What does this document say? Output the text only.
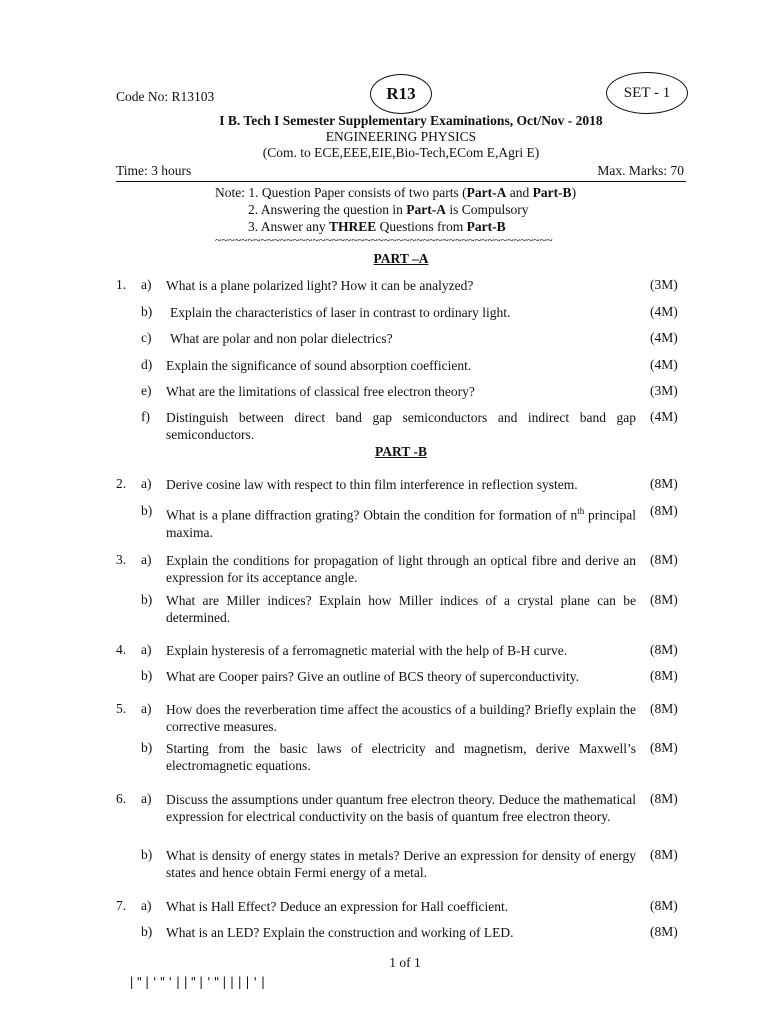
Code No: R13103	R13	SET - 1
I B. Tech I Semester Supplementary Examinations, Oct/Nov - 2018
ENGINEERING PHYSICS
(Com. to ECE,EEE,EIE,Bio-Tech,ECom E,Agri E)
Time: 3 hours	Max. Marks: 70
Note: 1. Question Paper consists of two parts (Part-A and Part-B)
2. Answering the question in Part-A is Compulsory
3. Answer any THREE Questions from Part-B
~~~~~~~~~~~~~~~~~~~~~~~~~~~~~~~~~~~~~~~~~~~~~~~~~~~~
PART –A
1. a) What is a plane polarized light? How it can be analyzed?	(3M)
b) Explain the characteristics of laser in contrast to ordinary light.	(4M)
c) What are polar and non polar dielectrics?	(4M)
d) Explain the significance of sound absorption coefficient.	(4M)
e) What are the limitations of classical free electron theory?	(3M)
f) Distinguish between direct band gap semiconductors and indirect band gap semiconductors.
(4M)
PART -B
2. a) Derive cosine law with respect to thin film interference in reflection system.	(8M)
b) What is a plane diffraction grating? Obtain the condition for formation of $n^{th}$ principal maxima.
(8M)
3. a) Explain the conditions for propagation of light through an optical fibre and derive an expression for its acceptance angle.
(8M)
b) What are Miller indices? Explain how Miller indices of a crystal plane can be determined.
(8M)
4. a) Explain hysteresis of a ferromagnetic material with the help of B-H curve.	(8M)
b) What are Cooper pairs? Give an outline of BCS theory of superconductivity.	(8M)
5. a) How does the reverberation time affect the acoustics of a building? Briefly explain the corrective measures.
(8M)
b) Starting from the basic laws of electricity and magnetism, derive Maxwell’s electromagnetic equations.
(8M)
6. a) Discuss the assumptions under quantum free electron theory. Deduce the mathematical expression for electrical conductivity on the basis of quantum free electron theory.
(8M)
b) What is density of energy states in metals? Derive an expression for density of energy states and hence obtain Fermi energy of a metal.
(8M)
7. a) What is Hall Effect? Deduce an expression for Hall coefficient.	(8M)
b) What is an LED? Explain the construction and working of LED.	(8M)
1 of 1
|"|'"'||"|'"||||'|
